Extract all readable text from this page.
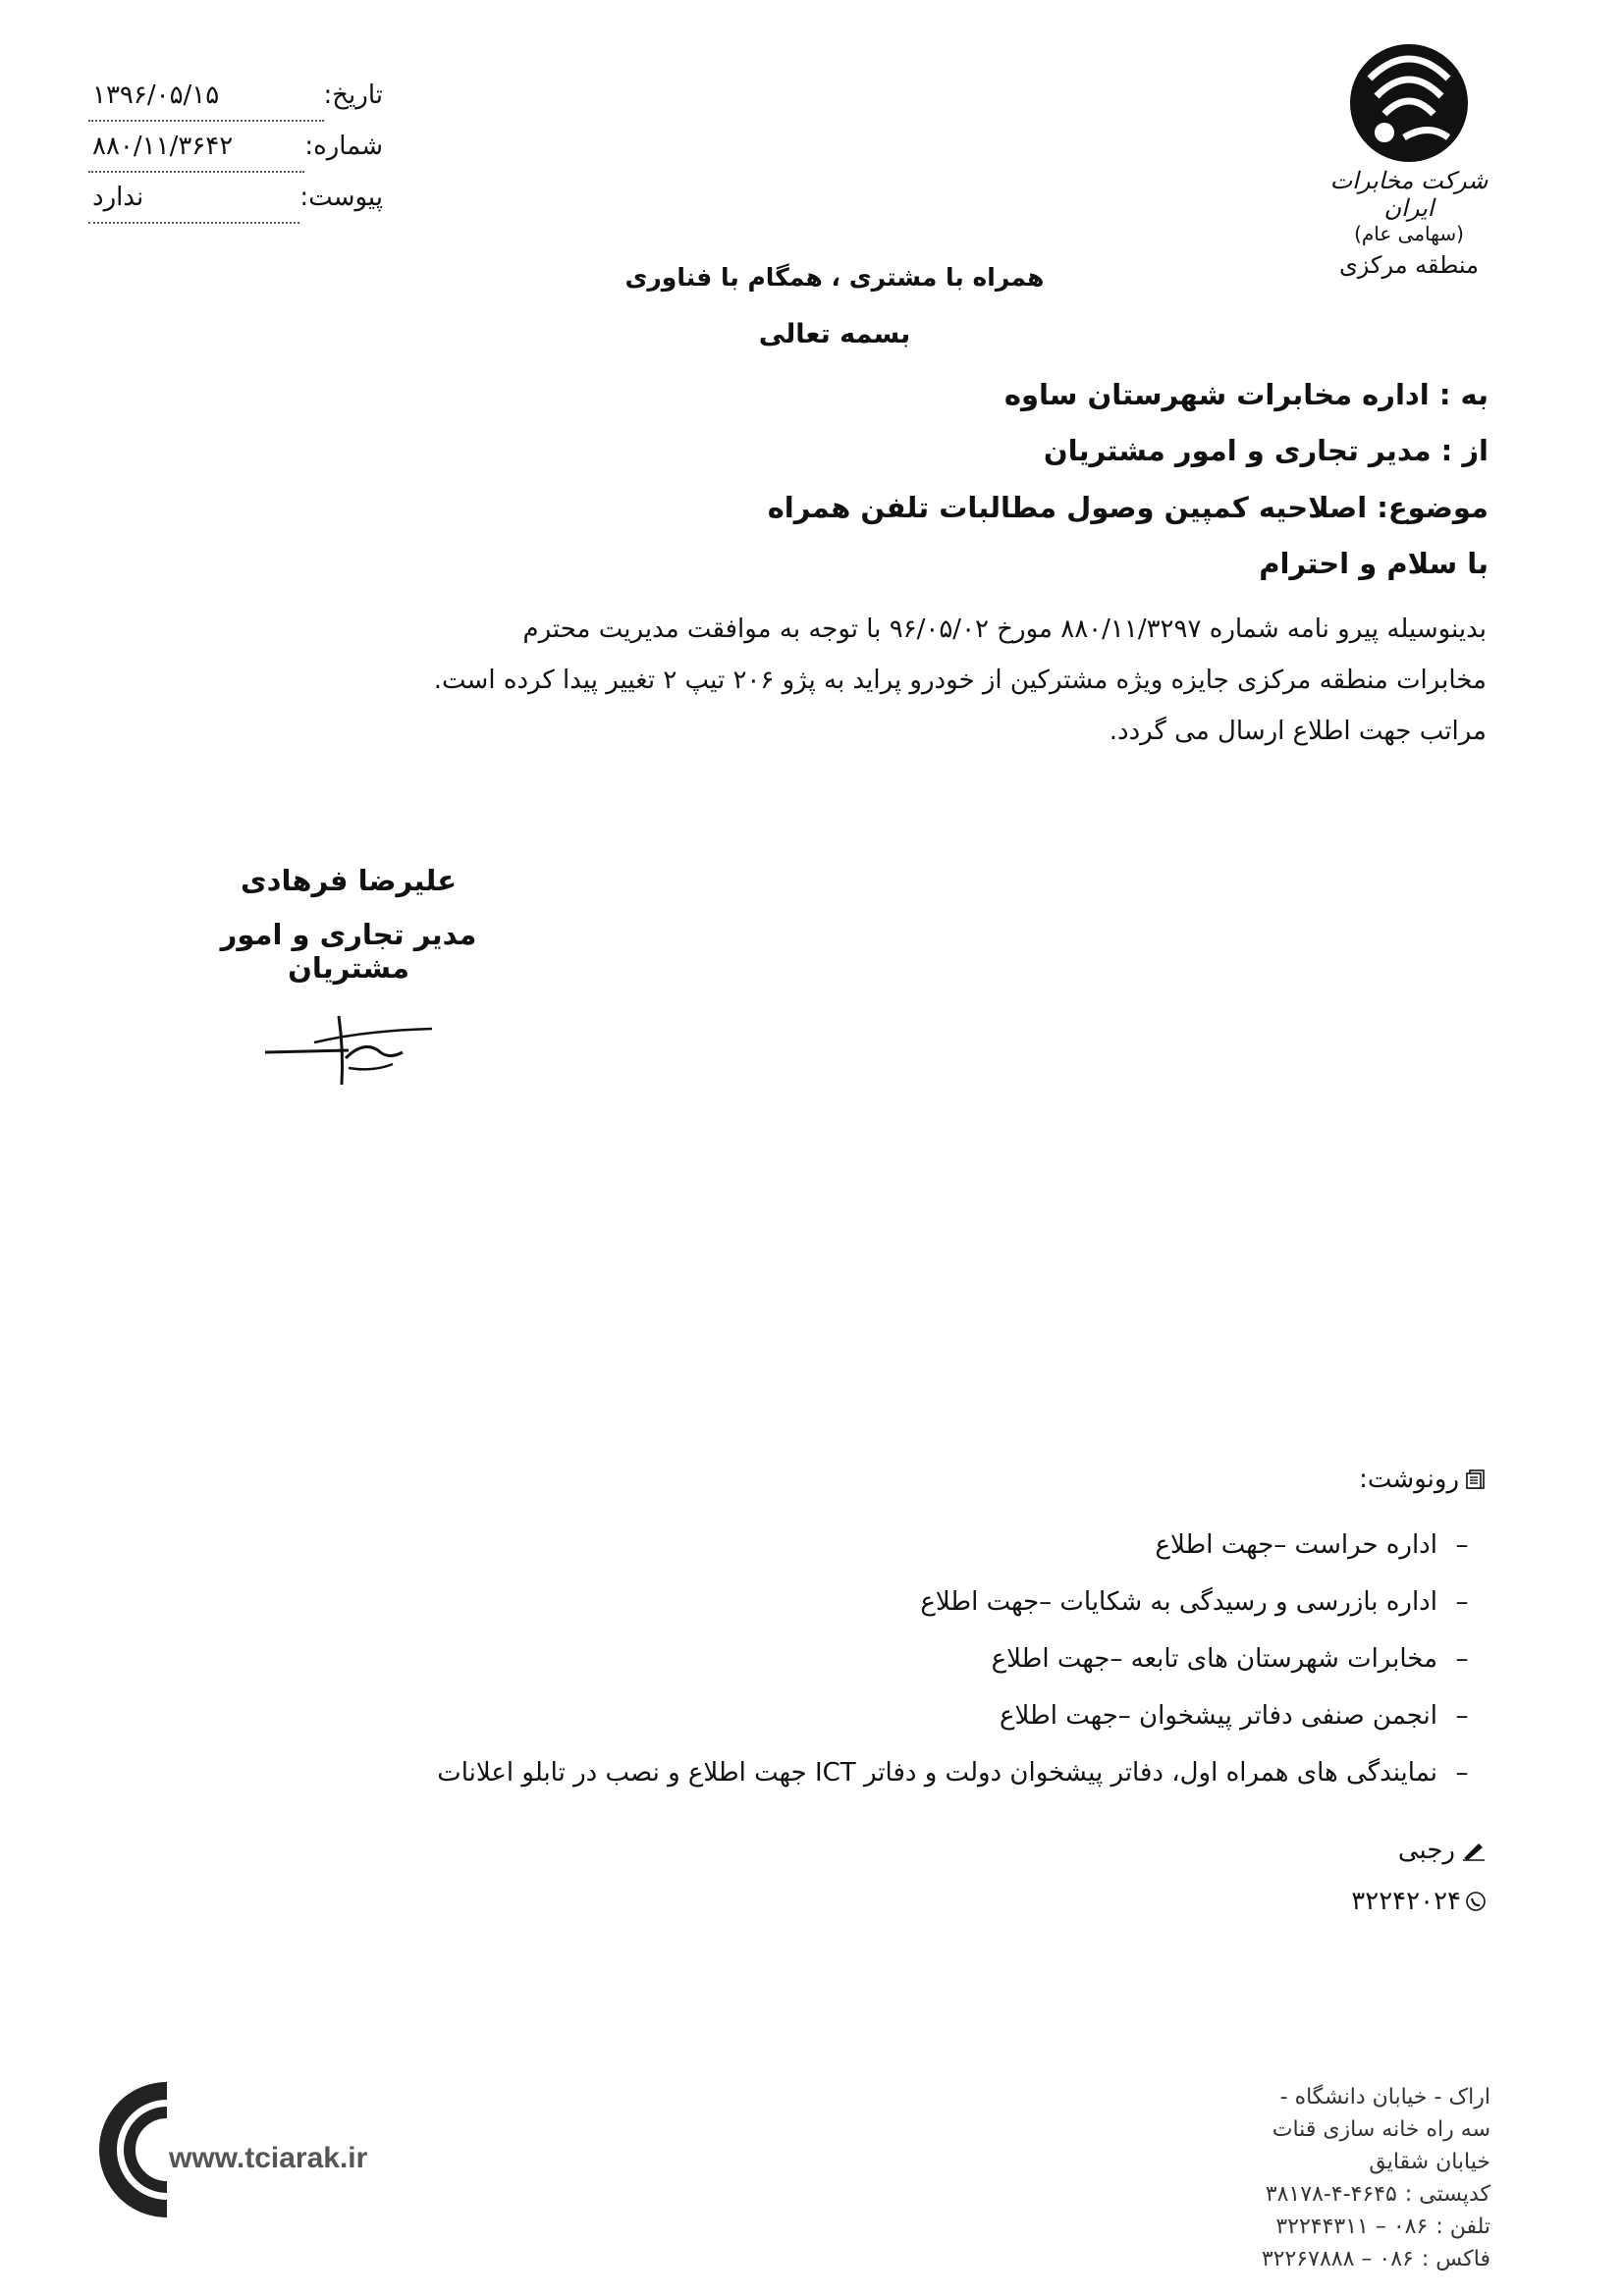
تاریخ:
۱۳۹۶/۰۵/۱۵
شماره:
۸۸۰/۱۱/۳۶۴۲
پیوست:
ندارد
شرکت مخابرات ایران
(سهامی عام)
منطقه مرکزی
همراه با مشتری ، همگام با فناوری
بسمه تعالی
به : اداره مخابرات شهرستان ساوه
از : مدیر تجاری و امور مشتریان
موضوع: اصلاحیه کمپین وصول مطالبات تلفن همراه
با سلام و احترام

بدینوسیله پیرو نامه شماره ۸۸۰/۱۱/۳۲۹۷ مورخ ۹۶/۰۵/۰۲ با توجه به موافقت مدیریت محترم

مخابرات منطقه مرکزی جایزه ویژه مشترکین از خودرو پراید به پژو ۲۰۶ تیپ ۲ تغییر پیدا کرده است.

مراتب جهت اطلاع ارسال می گردد.

علیرضا فرهادی
مدیر تجاری و امور مشتریان
رونوشت:
–
اداره حراست –جهت اطلاع
–
اداره بازرسی و رسیدگی به شکایات –جهت اطلاع
–
مخابرات شهرستان های تابعه –جهت اطلاع
–
انجمن صنفی دفاتر پیشخوان –جهت اطلاع
–
نمایندگی های همراه اول، دفاتر پیشخوان دولت و دفاتر ICT جهت اطلاع و نصب در تابلو اعلانات
رجبی
۳۲۲۴۲۰۲۴
www.tciarak.ir
اراک - خیابان دانشگاه -
سه راه خانه سازی قنات
خیابان شقایق
کدپستی :
۳۸۱۷۸-۴-۴۶۴۵
تلفن :
۰۸۶ – ۳۲۲۴۴۳۱۱
فاکس :
۰۸۶ – ۳۲۲۶۷۸۸۸
